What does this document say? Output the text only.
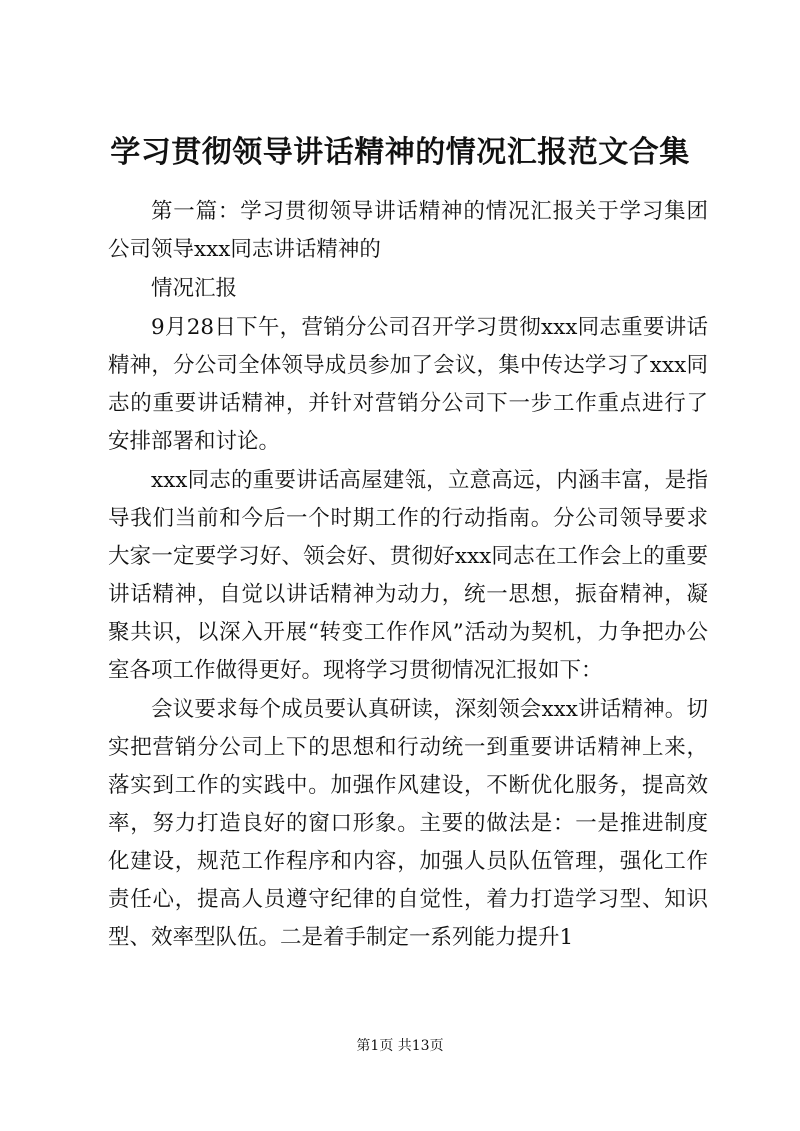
学习贯彻领导讲话精神的情况汇报范文合集

第一篇：学习贯彻领导讲话精神的情况汇报关于学习集团公司领导xxx同志讲话精神的

情况汇报

9月28日下午，营销分公司召开学习贯彻xxx同志重要讲话精神，分公司全体领导成员参加了会议，集中传达学习了xxx同志的重要讲话精神，并针对营销分公司下一步工作重点进行了安排部署和讨论。

xxx同志的重要讲话高屋建瓴，立意高远，内涵丰富，是指导我们当前和今后一个时期工作的行动指南。分公司领导要求大家一定要学习好、领会好、贯彻好xxx同志在工作会上的重要讲话精神，自觉以讲话精神为动力，统一思想，振奋精神，凝聚共识，以深入开展“转变工作作风”活动为契机，力争把办公室各项工作做得更好。现将学习贯彻情况汇报如下：

会议要求每个成员要认真研读，深刻领会xxx讲话精神。切实把营销分公司上下的思想和行动统一到重要讲话精神上来，落实到工作的实践中。加强作风建设，不断优化服务，提高效率，努力打造良好的窗口形象。主要的做法是：一是推进制度化建设，规范工作程序和内容，加强人员队伍管理，强化工作责任心，提高人员遵守纪律的自觉性，着力打造学习型、知识型、效率型队伍。二是着手制定一系列能力提升1

第1页 共13页
